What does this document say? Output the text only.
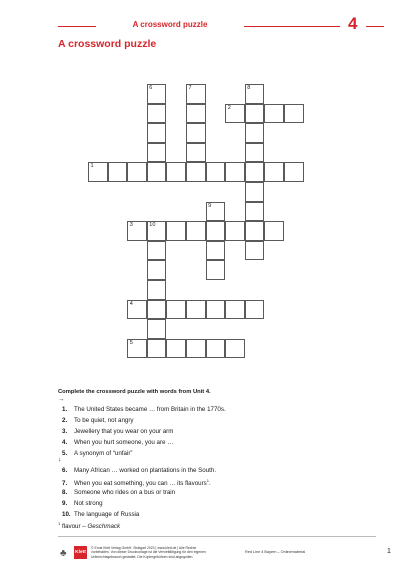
A crossword puzzle	4
A crossword puzzle
1
2
3	10
4
5
6	7	8
9
Complete the crossword puzzle with words from Unit 4.
→
1. The United States became … from Britain in the 1770s.
2. To be quiet, not angry
3. Jewellery that you wear on your arm
4. When you hurt someone, you are …
5. A synonym of “unfair”
↓
6. Many African … worked on plantations in the South.
7. When you eat something, you can … its flavours$^1$.
8. Someone who rides on a bus or train
9. Not strong
10. The language of Russia
$^1$ flavour – Geschmack
♣ Klett
© Ernst Klett Verlag GmbH, Stuttgart 2023 | www.klett.de | Alle Rechte vorbehalten. Von dieser Druckvorlage ist die Vervielfältigung für den eigenen Unterrichtsgebrauch gestattet. Die Kopiergebühren sind abgegolten.
Red Line 4 Bayern – Onlinematerial	1
